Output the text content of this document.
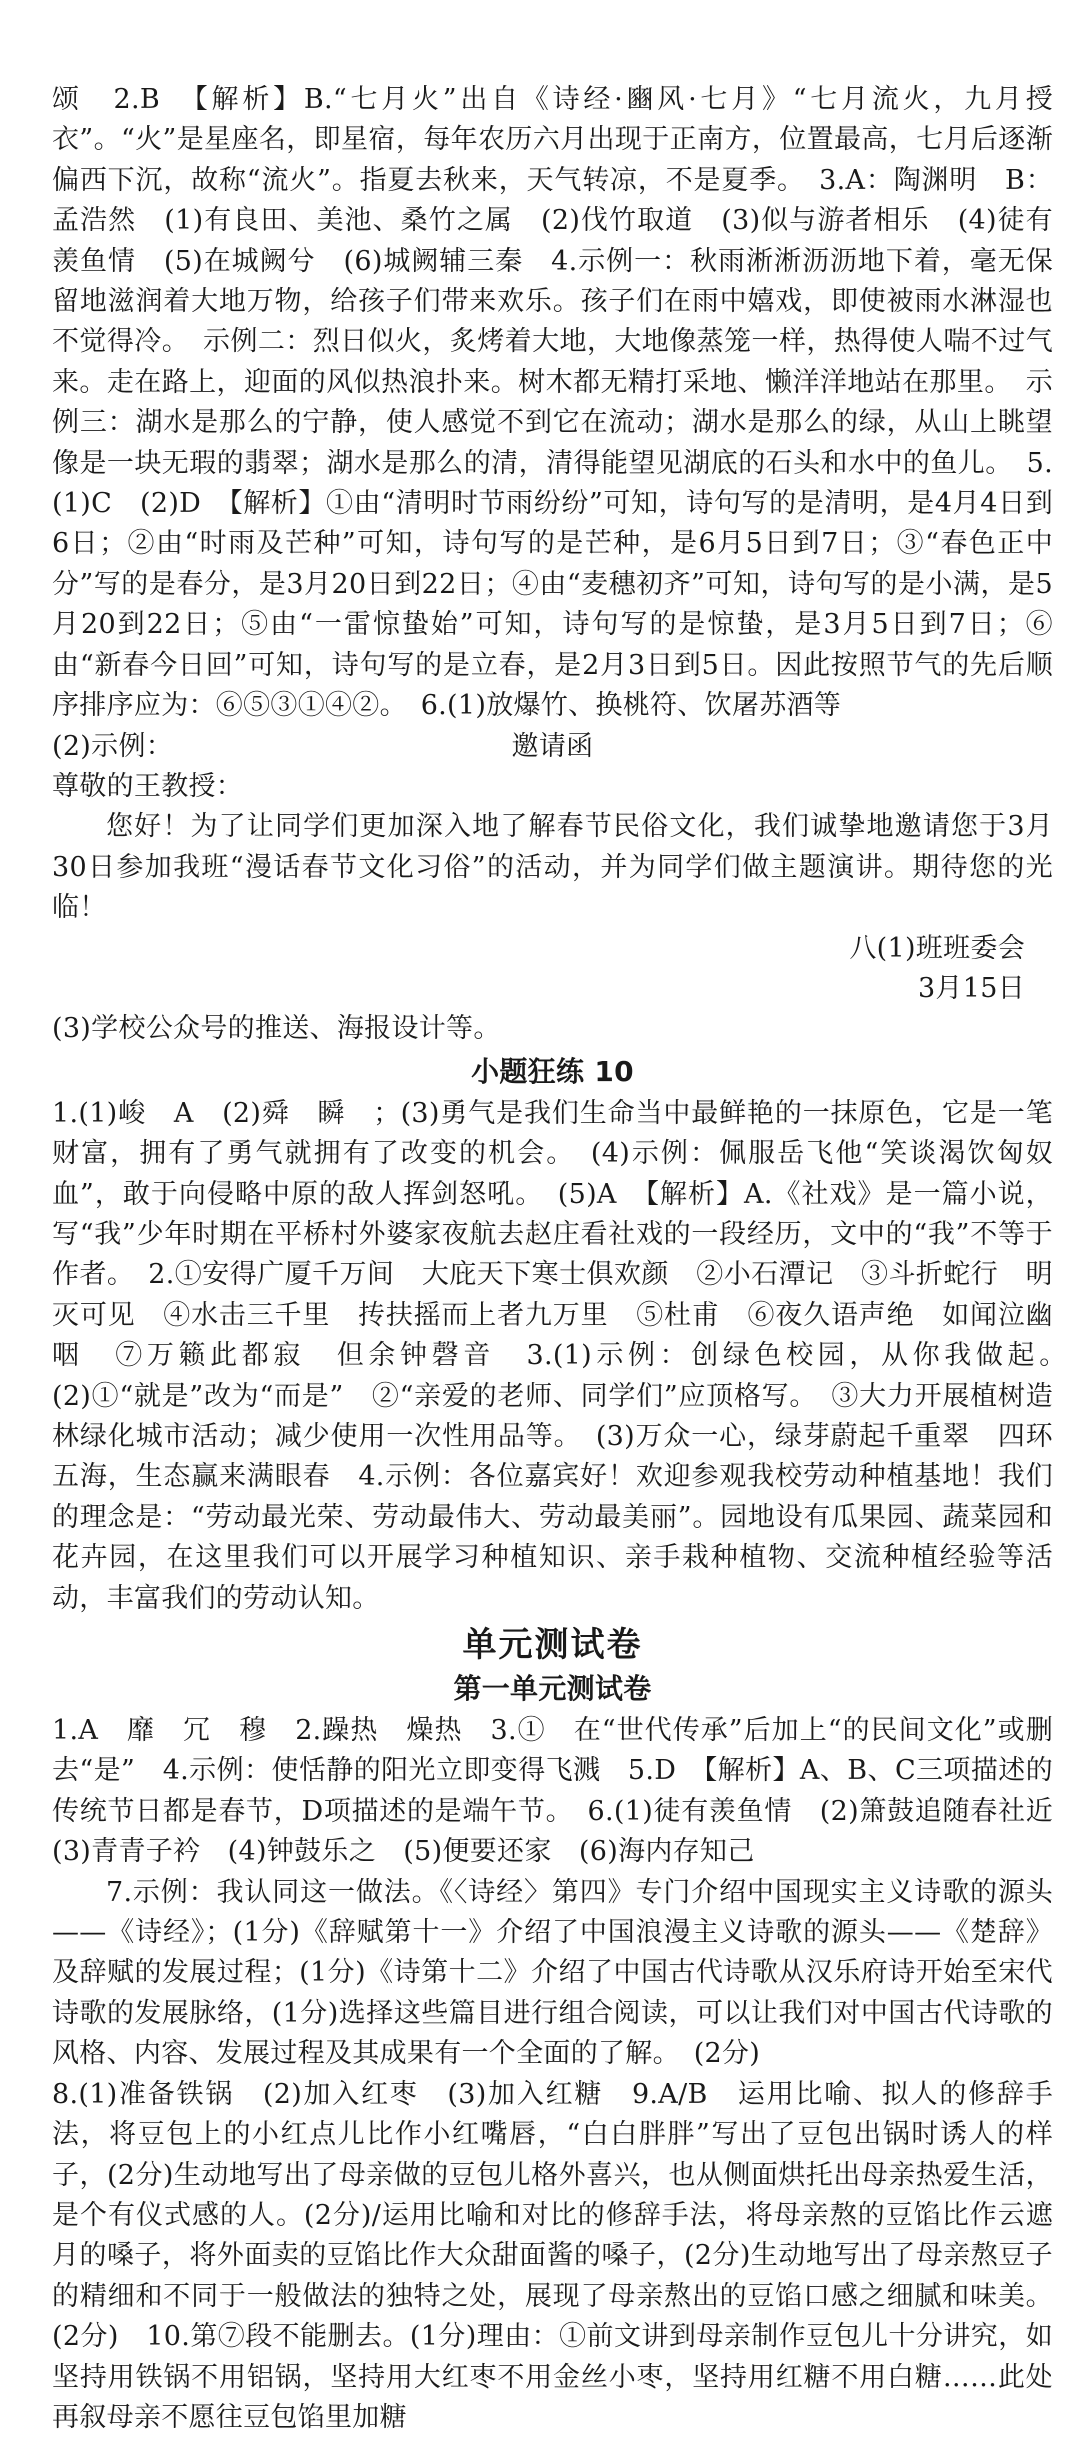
颂　2.B　【解析】B.“七月火”出自《诗经·豳风·七月》“七月流火，九月授衣”。“火”是星座名，即星宿，每年农历六月出现于正南方，位置最高，七月后逐渐偏西下沉，故称“流火”。指夏去秋来，天气转凉，不是夏季。　3.A：陶渊明　B：孟浩然　(1)有良田、美池、桑竹之属　(2)伐竹取道　(3)似与游者相乐　(4)徒有羡鱼情　(5)在城阙兮　(6)城阙辅三秦　4.示例一：秋雨淅淅沥沥地下着，毫无保留地滋润着大地万物，给孩子们带来欢乐。孩子们在雨中嬉戏，即使被雨水淋湿也不觉得冷。　示例二：烈日似火，炙烤着大地，大地像蒸笼一样，热得使人喘不过气来。走在路上，迎面的风似热浪扑来。树木都无精打采地、懒洋洋地站在那里。　示例三：湖水是那么的宁静，使人感觉不到它在流动；湖水是那么的绿，从山上眺望像是一块无瑕的翡翠；湖水是那么的清，清得能望见湖底的石头和水中的鱼儿。　5.(1)C　(2)D　【解析】①由“清明时节雨纷纷”可知，诗句写的是清明，是4月4日到6日；②由“时雨及芒种”可知，诗句写的是芒种，是6月5日到7日；③“春色正中分”写的是春分，是3月20日到22日；④由“麦穗初齐”可知，诗句写的是小满，是5月20到22日；⑤由“一雷惊蛰始”可知，诗句写的是惊蛰，是3月5日到7日；⑥由“新春今日回”可知，诗句写的是立春，是2月3日到5日。因此按照节气的先后顺序排序应为：⑥⑤③①④②。　6.(1)放爆竹、换桃符、饮屠苏酒等

(2)示例：	邀请函

尊敬的王教授：

您好！为了让同学们更加深入地了解春节民俗文化，我们诚挚地邀请您于3月30日参加我班“漫话春节文化习俗”的活动，并为同学们做主题演讲。期待您的光临！

八(1)班班委会

3月15日

(3)学校公众号的推送、海报设计等。

小题狂练 10

1.(1)峻　A　(2)舜　瞬　；(3)勇气是我们生命当中最鲜艳的一抹原色，它是一笔财富，拥有了勇气就拥有了改变的机会。　(4)示例：佩服岳飞他“笑谈渴饮匈奴血”，敢于向侵略中原的敌人挥剑怒吼。　(5)A　【解析】A.《社戏》是一篇小说，写“我”少年时期在平桥村外婆家夜航去赵庄看社戏的一段经历，文中的“我”不等于作者。　2.①安得广厦千万间　大庇天下寒士俱欢颜　②小石潭记　③斗折蛇行　明灭可见　④水击三千里　抟扶摇而上者九万里　⑤杜甫　⑥夜久语声绝　如闻泣幽咽　⑦万籁此都寂　但余钟磬音　3.(1)示例：创绿色校园，从你我做起。　(2)①“就是”改为“而是”　②“亲爱的老师、同学们”应顶格写。　③大力开展植树造林绿化城市活动；减少使用一次性用品等。　(3)万众一心，绿芽蔚起千重翠　四环五海，生态赢来满眼春　4.示例：各位嘉宾好！欢迎参观我校劳动种植基地！我们的理念是：“劳动最光荣、劳动最伟大、劳动最美丽”。园地设有瓜果园、蔬菜园和花卉园，在这里我们可以开展学习种植知识、亲手栽种植物、交流种植经验等活动，丰富我们的劳动认知。

单元测试卷
第一单元测试卷

1.A　靡　冗　穆　2.躁热　燥热　3.①　在“世代传承”后加上“的民间文化”或删去“是”　4.示例：使恬静的阳光立即变得飞溅　5.D　【解析】A、B、C三项描述的传统节日都是春节，D项描述的是端午节。　6.(1)徒有羡鱼情　(2)箫鼓追随春社近　(3)青青子衿　(4)钟鼓乐之　(5)便要还家　(6)海内存知己

7.示例：我认同这一做法。《〈诗经〉第四》专门介绍中国现实主义诗歌的源头——《诗经》；(1分)《辞赋第十一》介绍了中国浪漫主义诗歌的源头——《楚辞》及辞赋的发展过程；(1分)《诗第十二》介绍了中国古代诗歌从汉乐府诗开始至宋代诗歌的发展脉络，(1分)选择这些篇目进行组合阅读，可以让我们对中国古代诗歌的风格、内容、发展过程及其成果有一个全面的了解。　(2分)

8.(1)准备铁锅　(2)加入红枣　(3)加入红糖　9.A/B　运用比喻、拟人的修辞手法，将豆包上的小红点儿比作小红嘴唇，“白白胖胖”写出了豆包出锅时诱人的样子，(2分)生动地写出了母亲做的豆包儿格外喜兴，也从侧面烘托出母亲热爱生活，是个有仪式感的人。(2分)/运用比喻和对比的修辞手法，将母亲熬的豆馅比作云遮月的嗓子，将外面卖的豆馅比作大众甜面酱的嗓子，(2分)生动地写出了母亲熬豆子的精细和不同于一般做法的独特之处，展现了母亲熬出的豆馅口感之细腻和味美。(2分)　10.第⑦段不能删去。(1分)理由：①前文讲到母亲制作豆包儿十分讲究，如坚持用铁锅不用铝锅，坚持用大红枣不用金丝小枣，坚持用红糖不用白糖……此处再叙母亲不愿往豆包馅里加糖
